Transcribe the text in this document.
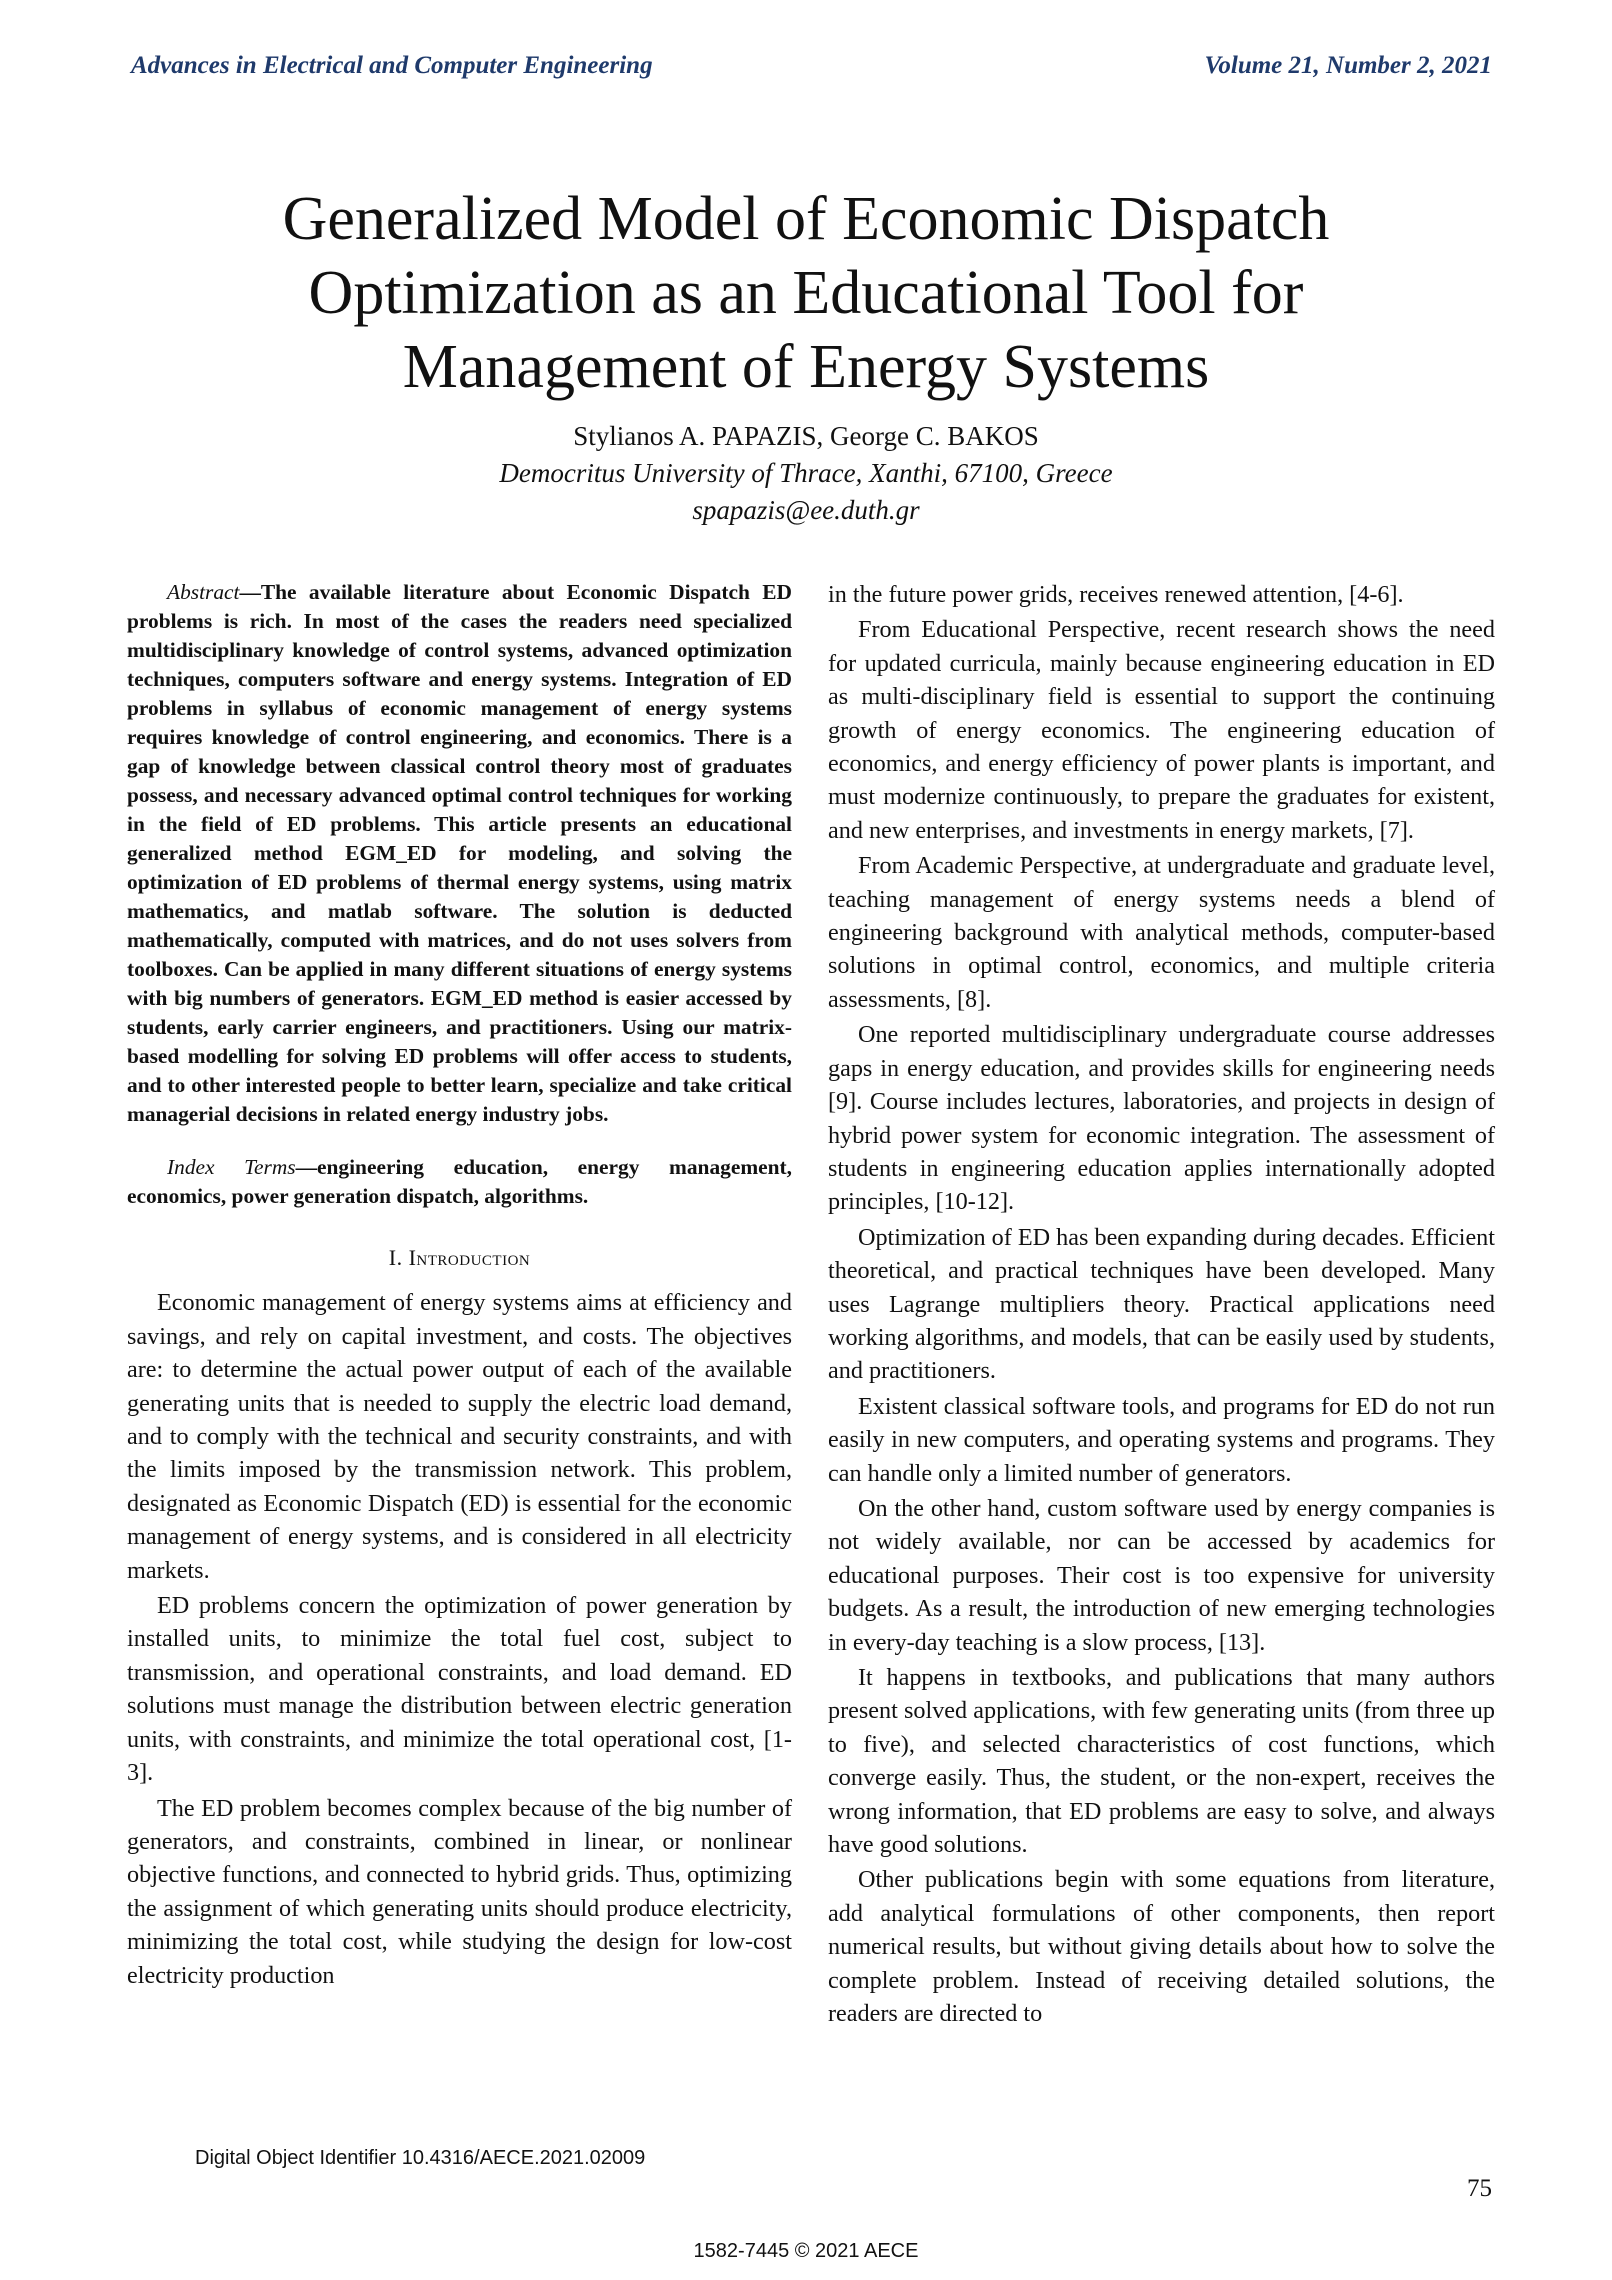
Advances in Electrical and Computer Engineering	Volume 21, Number 2, 2021
Generalized Model of Economic Dispatch Optimization as an Educational Tool for Management of Energy Systems
Stylianos A. PAPAZIS, George C. BAKOS
Democritus University of Thrace, Xanthi, 67100, Greece
spapazis@ee.duth.gr

Abstract—The available literature about Economic Dispatch ED problems is rich. In most of the cases the readers need specialized multidisciplinary knowledge of control systems, advanced optimization techniques, computers software and energy systems. Integration of ED problems in syllabus of economic management of energy systems requires knowledge of control engineering, and economics. There is a gap of knowledge between classical control theory most of graduates possess, and necessary advanced optimal control techniques for working in the field of ED problems. This article presents an educational generalized method EGM_ED for modeling, and solving the optimization of ED problems of thermal energy systems, using matrix mathematics, and matlab software. The solution is deducted mathematically, computed with matrices, and do not uses solvers from toolboxes. Can be applied in many different situations of energy systems with big numbers of generators. EGM_ED method is easier accessed by students, early carrier engineers, and practitioners. Using our matrix-based modelling for solving ED problems will offer access to students, and to other interested people to better learn, specialize and take critical managerial decisions in related energy industry jobs.

Index Terms—engineering education, energy management, economics, power generation dispatch, algorithms.

I. Introduction

Economic management of energy systems aims at efficiency and savings, and rely on capital investment, and costs. The objectives are: to determine the actual power output of each of the available generating units that is needed to supply the electric load demand, and to comply with the technical and security constraints, and with the limits imposed by the transmission network. This problem, designated as Economic Dispatch (ED) is essential for the economic management of energy systems, and is considered in all electricity markets.

ED problems concern the optimization of power generation by installed units, to minimize the total fuel cost, subject to transmission, and operational constraints, and load demand. ED solutions must manage the distribution between electric generation units, with constraints, and minimize the total operational cost, [1-3].

The ED problem becomes complex because of the big number of generators, and constraints, combined in linear, or nonlinear objective functions, and connected to hybrid grids. Thus, optimizing the assignment of which generating units should produce electricity, minimizing the total cost, while studying the design for low-cost electricity production

in the future power grids, receives renewed attention, [4-6].

From Educational Perspective, recent research shows the need for updated curricula, mainly because engineering education in ED as multi-disciplinary field is essential to support the continuing growth of energy economics. The engineering education of economics, and energy efficiency of power plants is important, and must modernize continuously, to prepare the graduates for existent, and new enterprises, and investments in energy markets, [7].

From Academic Perspective, at undergraduate and graduate level, teaching management of energy systems needs a blend of engineering background with analytical methods, computer-based solutions in optimal control, economics, and multiple criteria assessments, [8].

One reported multidisciplinary undergraduate course addresses gaps in energy education, and provides skills for engineering needs [9]. Course includes lectures, laboratories, and projects in design of hybrid power system for economic integration. The assessment of students in engineering education applies internationally adopted principles, [10-12].

Optimization of ED has been expanding during decades. Efficient theoretical, and practical techniques have been developed. Many uses Lagrange multipliers theory. Practical applications need working algorithms, and models, that can be easily used by students, and practitioners.

Existent classical software tools, and programs for ED do not run easily in new computers, and operating systems and programs. They can handle only a limited number of generators.

On the other hand, custom software used by energy companies is not widely available, nor can be accessed by academics for educational purposes. Their cost is too expensive for university budgets. As a result, the introduction of new emerging technologies in every-day teaching is a slow process, [13].

It happens in textbooks, and publications that many authors present solved applications, with few generating units (from three up to five), and selected characteristics of cost functions, which converge easily. Thus, the student, or the non-expert, receives the wrong information, that ED problems are easy to solve, and always have good solutions.

Other publications begin with some equations from literature, add analytical formulations of other components, then report numerical results, but without giving details about how to solve the complete problem. Instead of receiving detailed solutions, the readers are directed to

Digital Object Identifier 10.4316/AECE.2021.02009
75
1582-7445 © 2021 AECE
